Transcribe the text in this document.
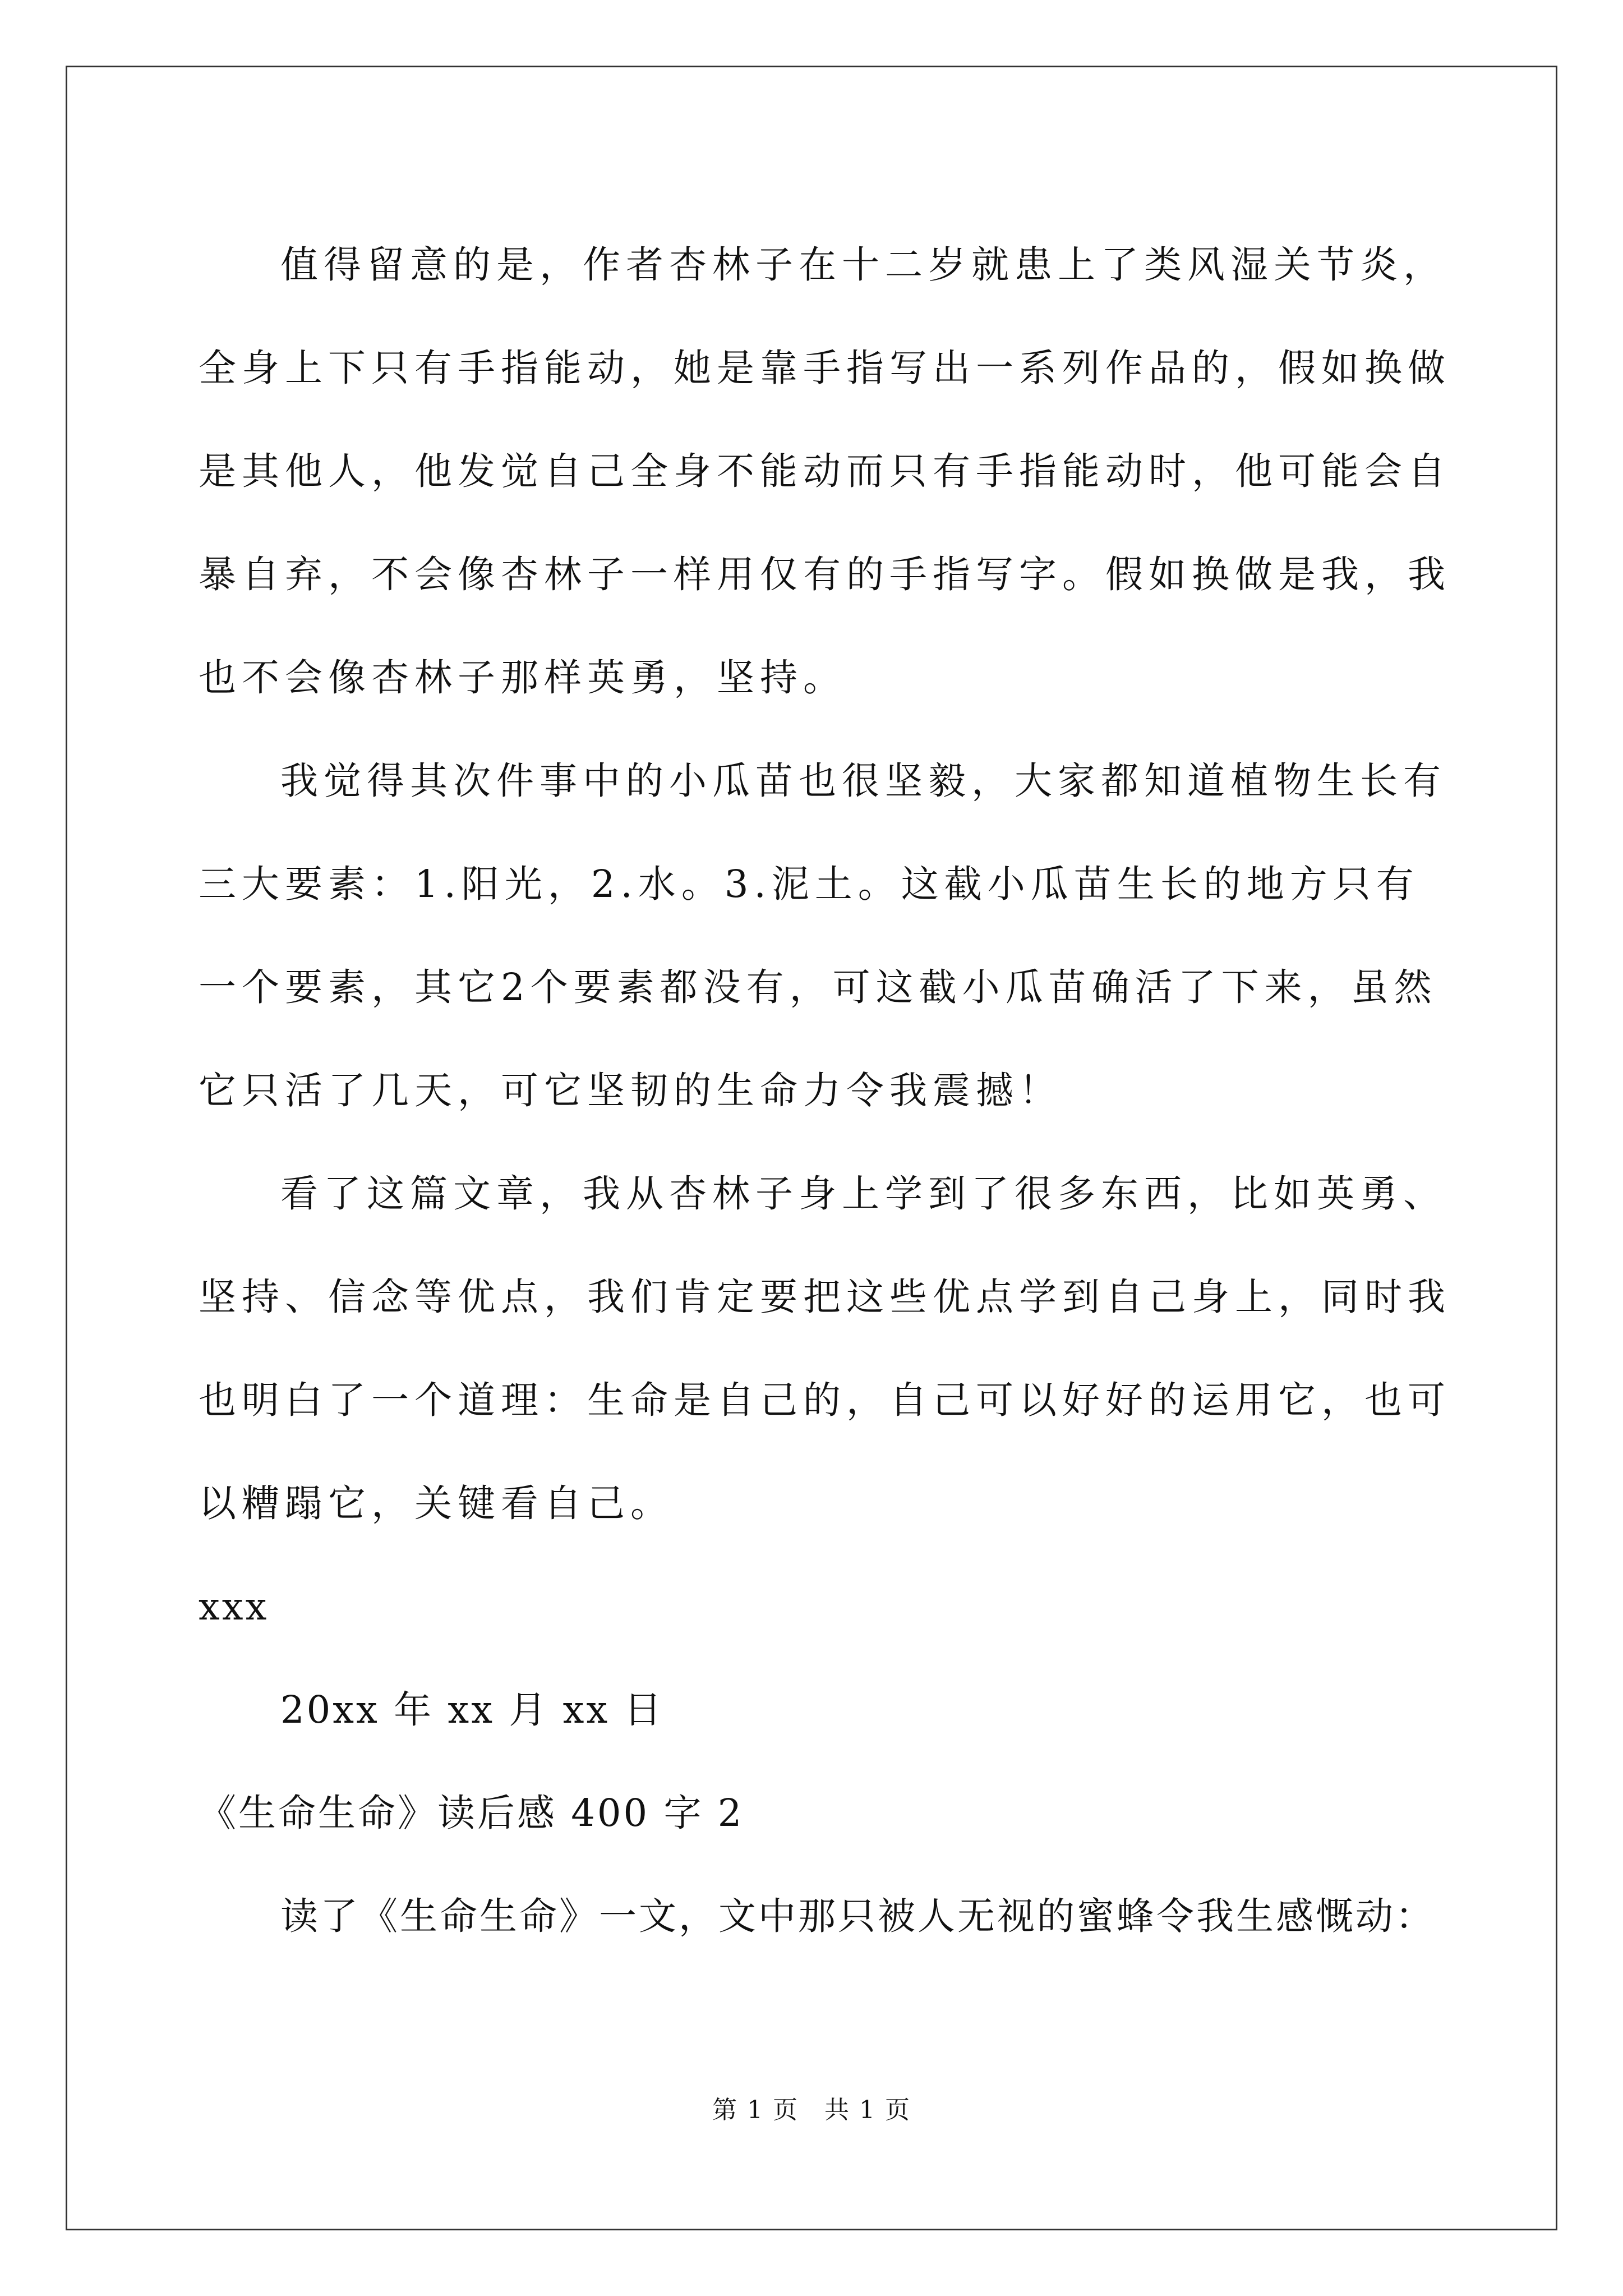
值得留意的是，作者杏林子在十二岁就患上了类风湿关节炎，全身上下只有手指能动，她是靠手指写出一系列作品的，假如换做是其他人，他发觉自己全身不能动而只有手指能动时，他可能会自暴自弃，不会像杏林子一样用仅有的手指写字。假如换做是我，我也不会像杏林子那样英勇，坚持。

我觉得其次件事中的小瓜苗也很坚毅，大家都知道植物生长有三大要素：1.阳光，2.水。3.泥土。这截小瓜苗生长的地方只有一个要素，其它2个要素都没有，可这截小瓜苗确活了下来，虽然它只活了几天，可它坚韧的生命力令我震撼！

看了这篇文章，我从杏林子身上学到了很多东西，比如英勇、坚持、信念等优点，我们肯定要把这些优点学到自己身上，同时我也明白了一个道理：生命是自己的，自己可以好好的运用它，也可以糟蹋它，关键看自己。

xxx

20xx 年 xx 月 xx 日

《生命生命》读后感 400 字 2

读了《生命生命》一文，文中那只被人无视的蜜蜂令我生感慨动：

第 1 页　共 1 页
